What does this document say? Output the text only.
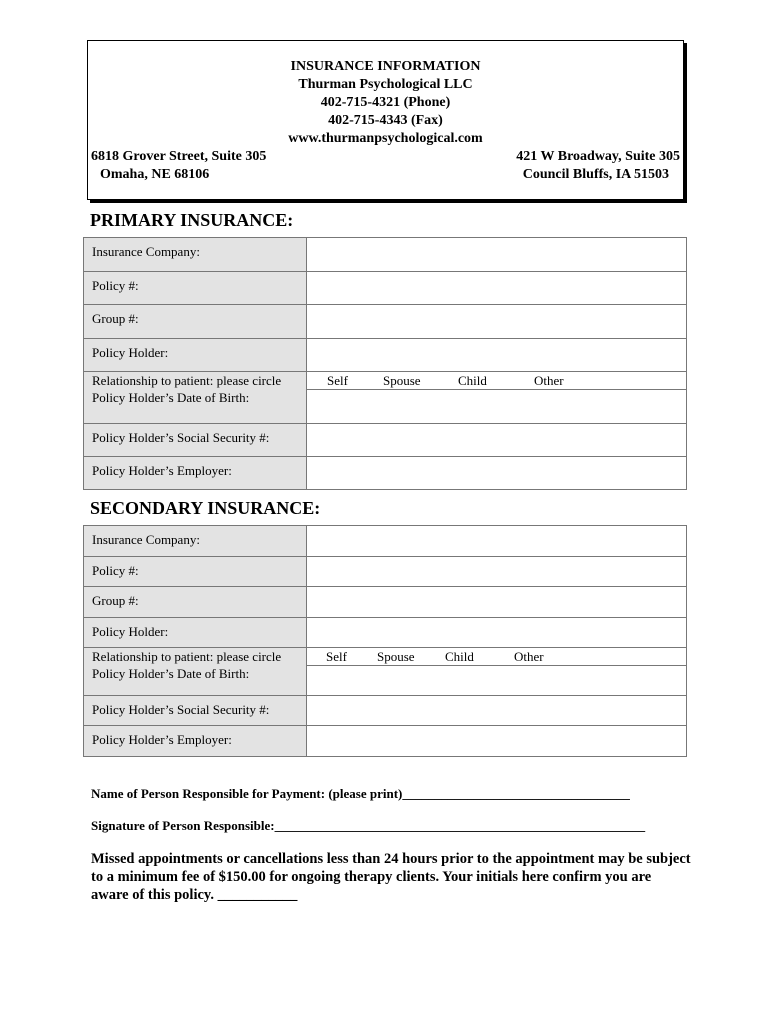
INSURANCE INFORMATION
Thurman Psychological LLC
402-715-4321 (Phone)
402-715-4343 (Fax)
www.thurmanpsychological.com
6818 Grover Street, Suite 305
Omaha, NE 68106
421 W Broadway, Suite 305
Council Bluffs, IA 51503
PRIMARY INSURANCE:
Insurance Company:	

Policy #:	

Group #:	

Policy Holder:	

Relationship to patient: please circle	Self Spouse Child Other

Policy Holder’s Date of Birth:	

Policy Holder’s Social Security #:	

Policy Holder’s Employer:	

SECONDARY INSURANCE:
Insurance Company:	

Policy #:	

Group #:	

Policy Holder:	

Relationship to patient: please circle	Self Spouse Child Other

Policy Holder’s Date of Birth:	

Policy Holder’s Social Security #:	

Policy Holder’s Employer:	

Name of Person Responsible for Payment: (please print)___________________________________
Signature of Person Responsible:_________________________________________________________
Missed appointments or cancellations less than 24 hours prior to the appointment may be subject to a minimum fee of $150.00 for ongoing therapy clients. Your initials here confirm you are aware of this policy. ___________
